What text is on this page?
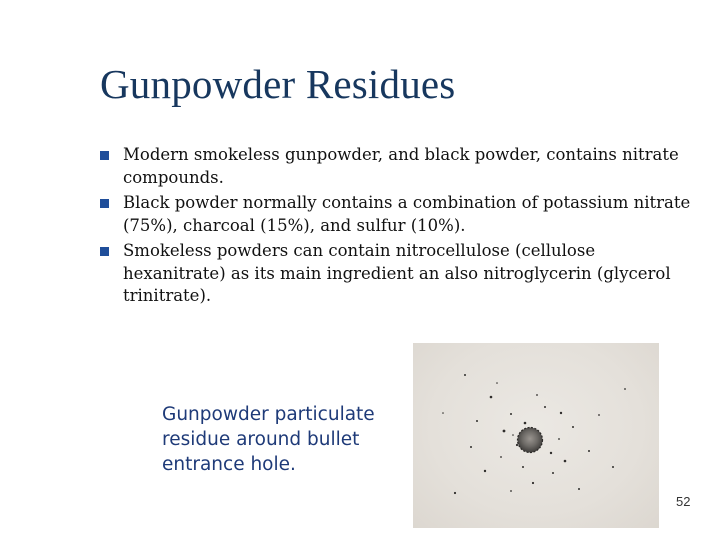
Gunpowder Residues
Modern smokeless gunpowder, and black powder, contains nitrate compounds.
Black powder normally contains a combination of potassium nitrate (75%), charcoal (15%), and sulfur (10%).
Smokeless powders can contain nitrocellulose (cellulose hexanitrate) as its main ingredient an also nitroglycerin (glycerol trinitrate).

Gunpowder particulate residue around bullet entrance hole.

52
